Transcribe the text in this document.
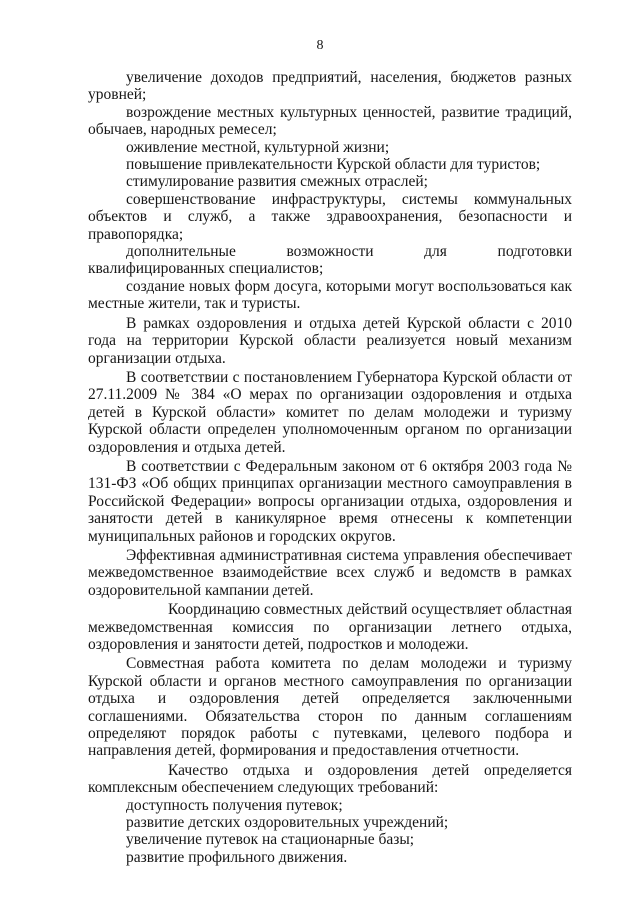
8

увеличение доходов предприятий, населения, бюджетов разных уровней;

возрождение местных культурных ценностей, развитие традиций, обычаев, народных ремесел;

оживление местной, культурной жизни;

повышение привлекательности Курской области для туристов;

стимулирование развития смежных отраслей;

совершенствование инфраструктуры, системы коммунальных объектов и служб, а также здравоохранения, безопасности и правопорядка;

дополнительные возможности для подготовки квалифицированных специалистов;

создание новых форм досуга, которыми могут воспользоваться как местные жители, так и туристы.

В рамках оздоровления и отдыха детей Курской области с 2010 года на территории Курской области реализуется новый механизм организации отдыха.

В соответствии с постановлением Губернатора Курской области от 27.11.2009 № 384 «О мерах по организации оздоровления и отдыха детей в Курской области» комитет по делам молодежи и туризму Курской области определен уполномоченным органом по организации оздоровления и отдыха детей.

В соответствии с Федеральным законом от 6 октября 2003 года № 131-ФЗ «Об общих принципах организации местного самоуправления в Российской Федерации» вопросы организации отдыха, оздоровления и занятости детей в каникулярное время отнесены к компетенции муниципальных районов и городских округов.

Эффективная административная система управления обеспечивает межведомственное взаимодействие всех служб и ведомств в рамках оздоровительной кампании детей.

Координацию совместных действий осуществляет областная межведомственная комиссия по организации летнего отдыха, оздоровления и занятости детей, подростков и молодежи.

Совместная работа комитета по делам молодежи и туризму Курской области и органов местного самоуправления по организации отдыха и оздоровления детей определяется заключенными соглашениями. Обязательства сторон по данным соглашениям определяют порядок работы с путевками, целевого подбора и направления детей, формирования и предоставления отчетности.

Качество отдыха и оздоровления детей определяется комплексным обеспечением следующих требований:

доступность получения путевок;

развитие детских оздоровительных учреждений;

увеличение путевок на стационарные базы;

развитие профильного движения.
